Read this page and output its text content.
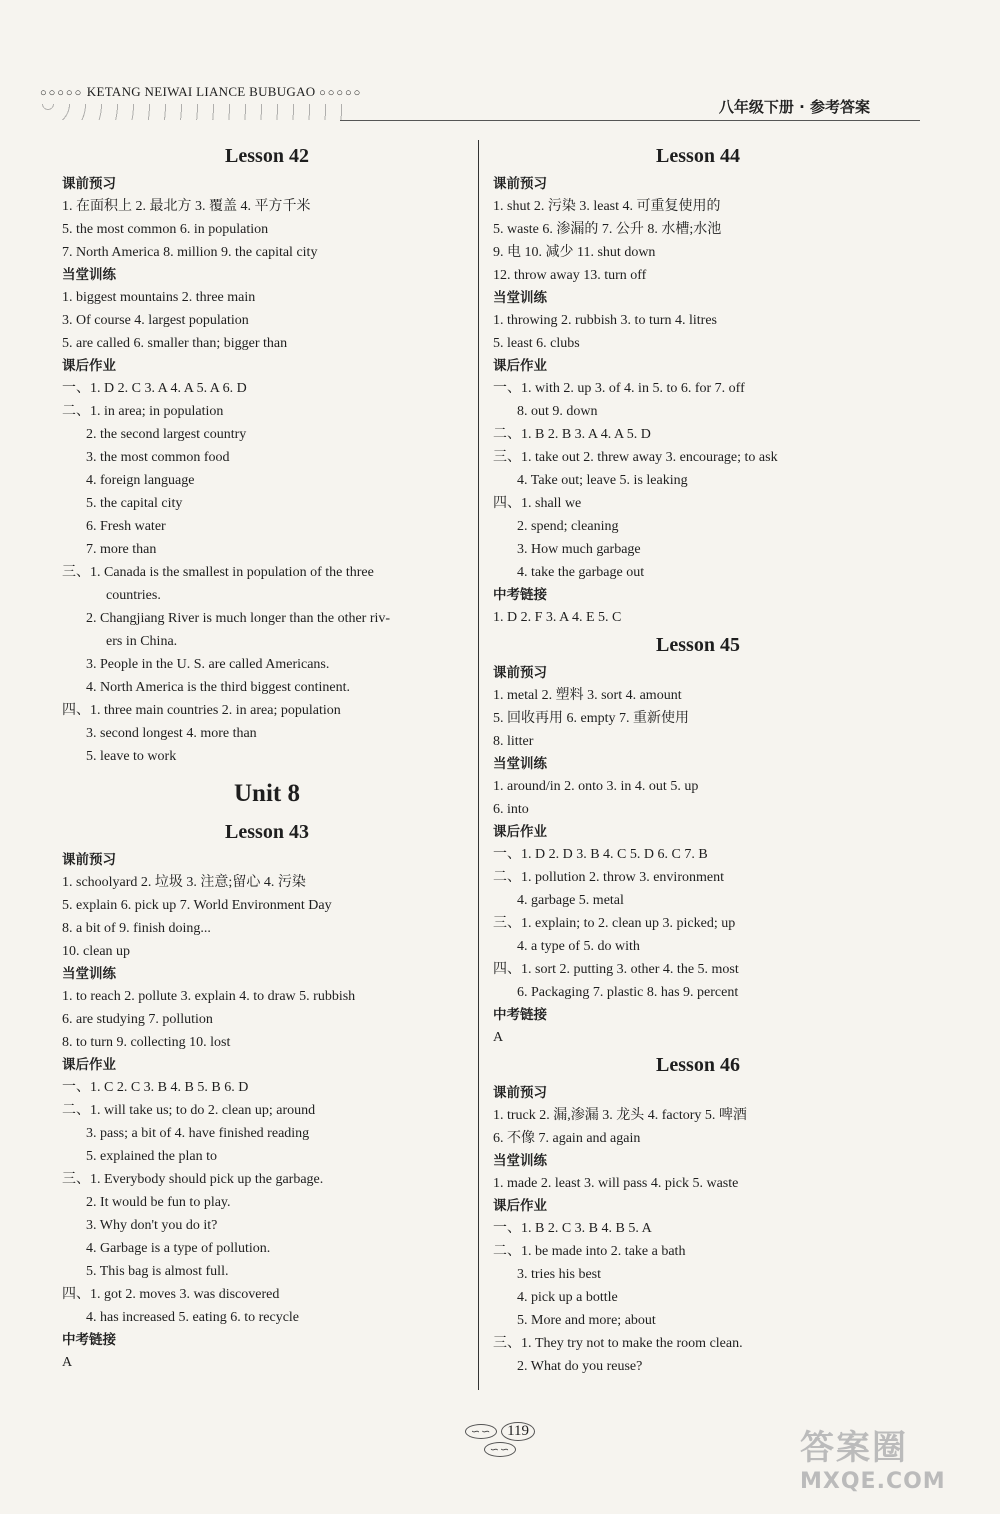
○○○○○ KETANG NEIWAI LIANCE BUBUGAO ○○○○○
八年级下册 · 参考答案
Lesson 42
课前预习
1. 在面积上 2. 最北方 3. 覆盖 4. 平方千米
5. the most common 6. in population
7. North America 8. million 9. the capital city
当堂训练
1. biggest mountains 2. three main
3. Of course 4. largest population
5. are called 6. smaller than; bigger than
课后作业
一、1. D 2. C 3. A 4. A 5. A 6. D
二、1. in area; in population
2. the second largest country
3. the most common food
4. foreign language
5. the capital city
6. Fresh water
7. more than
三、1. Canada is the smallest in population of the three
countries.
2. Changjiang River is much longer than the other riv-
ers in China.
3. People in the U. S. are called Americans.
4. North America is the third biggest continent.
四、1. three main countries 2. in area; population
3. second longest 4. more than
5. leave to work
Unit 8
Lesson 43
课前预习
1. schoolyard 2. 垃圾 3. 注意;留心 4. 污染
5. explain 6. pick up 7. World Environment Day
8. a bit of 9. finish doing...
10. clean up
当堂训练
1. to reach 2. pollute 3. explain 4. to draw 5. rubbish
6. are studying 7. pollution
8. to turn 9. collecting 10. lost
课后作业
一、1. C 2. C 3. B 4. B 5. B 6. D
二、1. will take us; to do 2. clean up; around
3. pass; a bit of 4. have finished reading
5. explained the plan to
三、1. Everybody should pick up the garbage.
2. It would be fun to play.
3. Why don't you do it?
4. Garbage is a type of pollution.
5. This bag is almost full.
四、1. got 2. moves 3. was discovered
4. has increased 5. eating 6. to recycle
中考链接
A
Lesson 44
课前预习
1. shut 2. 污染 3. least 4. 可重复使用的
5. waste 6. 渗漏的 7. 公升 8. 水槽;水池
9. 电 10. 减少 11. shut down
12. throw away 13. turn off
当堂训练
1. throwing 2. rubbish 3. to turn 4. litres
5. least 6. clubs
课后作业
一、1. with 2. up 3. of 4. in 5. to 6. for 7. off
8. out 9. down
二、1. B 2. B 3. A 4. A 5. D
三、1. take out 2. threw away 3. encourage; to ask
4. Take out; leave 5. is leaking
四、1. shall we
2. spend; cleaning
3. How much garbage
4. take the garbage out
中考链接
1. D 2. F 3. A 4. E 5. C
Lesson 45
课前预习
1. metal 2. 塑料 3. sort 4. amount
5. 回收再用 6. empty 7. 重新使用
8. litter
当堂训练
1. around/in 2. onto 3. in 4. out 5. up
6. into
课后作业
一、1. D 2. D 3. B 4. C 5. D 6. C 7. B
二、1. pollution 2. throw 3. environment
4. garbage 5. metal
三、1. explain; to 2. clean up 3. picked; up
4. a type of 5. do with
四、1. sort 2. putting 3. other 4. the 5. most
6. Packaging 7. plastic 8. has 9. percent
中考链接
A
Lesson 46
课前预习
1. truck 2. 漏,渗漏 3. 龙头 4. factory 5. 啤酒
6. 不像 7. again and again
当堂训练
1. made 2. least 3. will pass 4. pick 5. waste
课后作业
一、1. B 2. C 3. B 4. B 5. A
二、1. be made into 2. take a bath
3. tries his best
4. pick up a bottle
5. More and more; about
三、1. They try not to make the room clean.
2. What do you reuse?
∽∽ 119 ∽∽	答案圈
MXQE.COM
